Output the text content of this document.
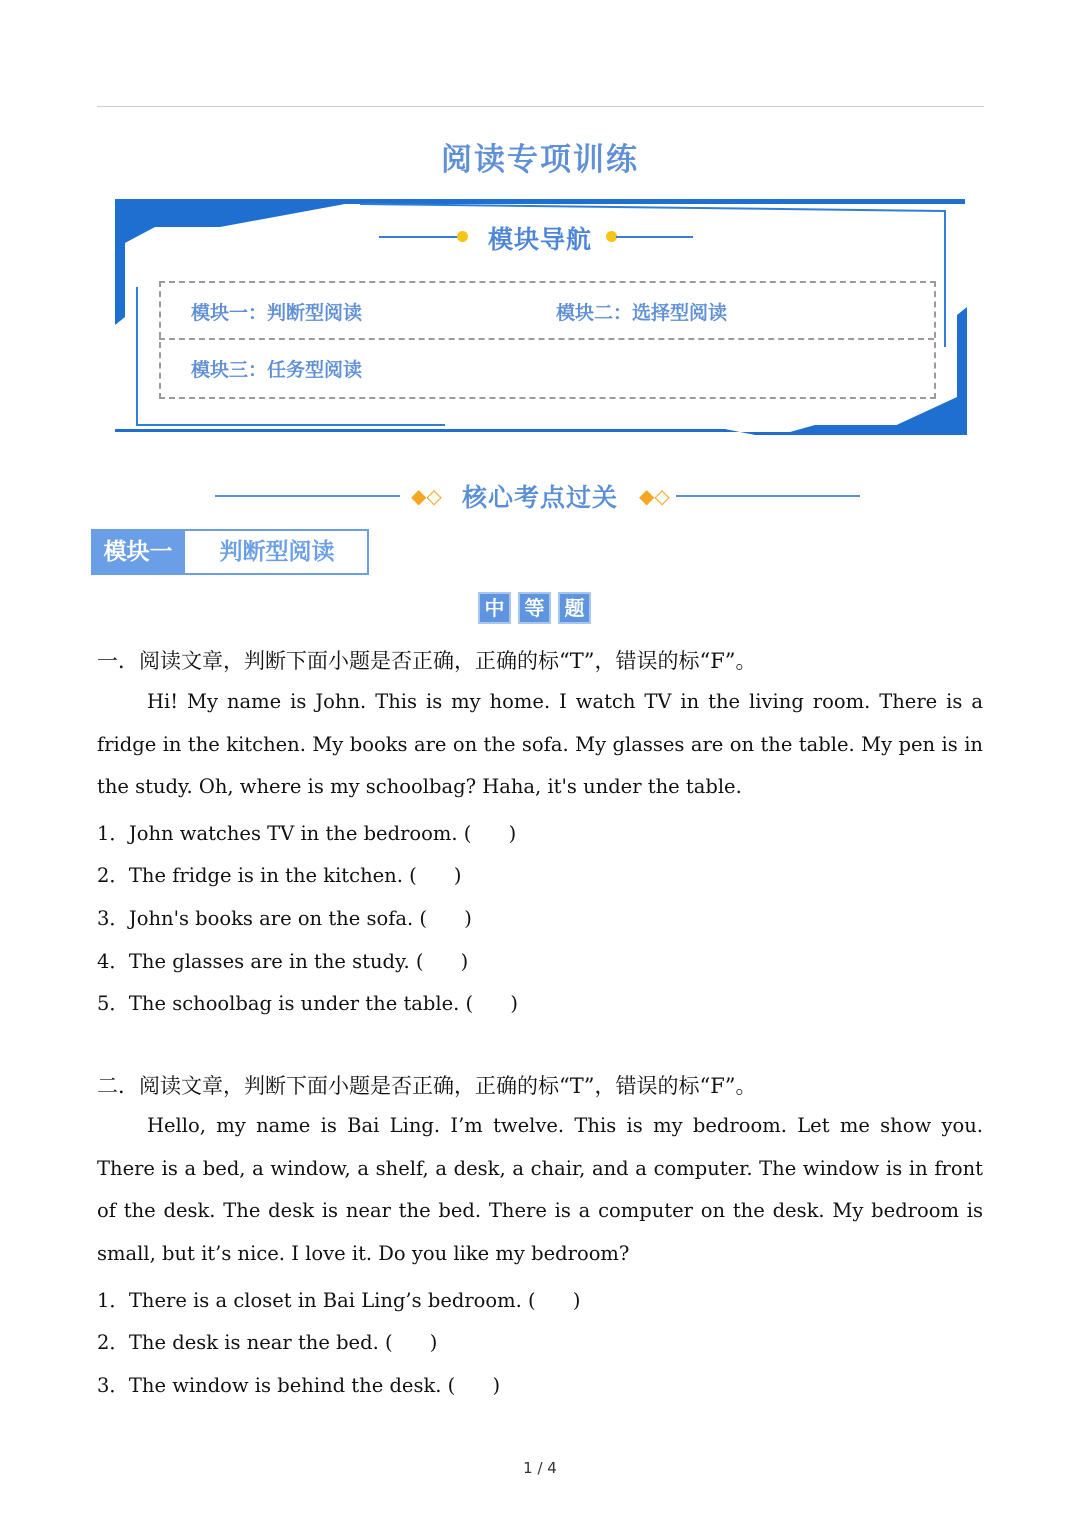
阅读专项训练
模块导航
模块一：判断型阅读	模块二：选择型阅读
模块三：任务型阅读
◆◇ 核心考点过关	◆◇
模块一	判断型阅读
中	等	题
一．阅读文章，判断下面小题是否正确，正确的标“T”，错误的标“F”。
Hi! My name is John. This is my home. I watch TV in the living room. There is a fridge in the kitchen. My books are on the sofa. My glasses are on the table. My pen is in the study. Oh, where is my schoolbag? Haha, it's under the table.
1．John watches TV in the bedroom. (      )
2．The fridge is in the kitchen. (      )
3．John's books are on the sofa. (      )
4．The glasses are in the study. (      )
5．The schoolbag is under the table. (      )
二．阅读文章，判断下面小题是否正确，正确的标“T”，错误的标“F”。
Hello, my name is Bai Ling. I’m twelve. This is my bedroom. Let me show you. There is a bed, a window, a shelf, a desk, a chair, and a computer. The window is in front of the desk. The desk is near the bed. There is a computer on the desk. My bedroom is small, but it’s nice. I love it. Do you like my bedroom?
1．There is a closet in Bai Ling’s bedroom. (      )
2．The desk is near the bed. (      )
3．The window is behind the desk. (      )
1 / 4
